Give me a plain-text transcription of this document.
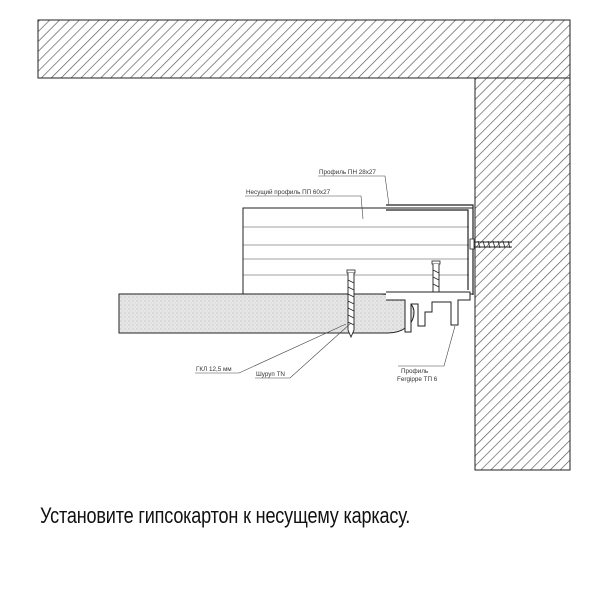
Профиль ПН 28х27
Несущий профиль ПП 60х27
ГКЛ 12,5 мм
Шуруп TN	Профиль
Fergippe ТП 6
Установите гипсокартон к несущему каркасу.
